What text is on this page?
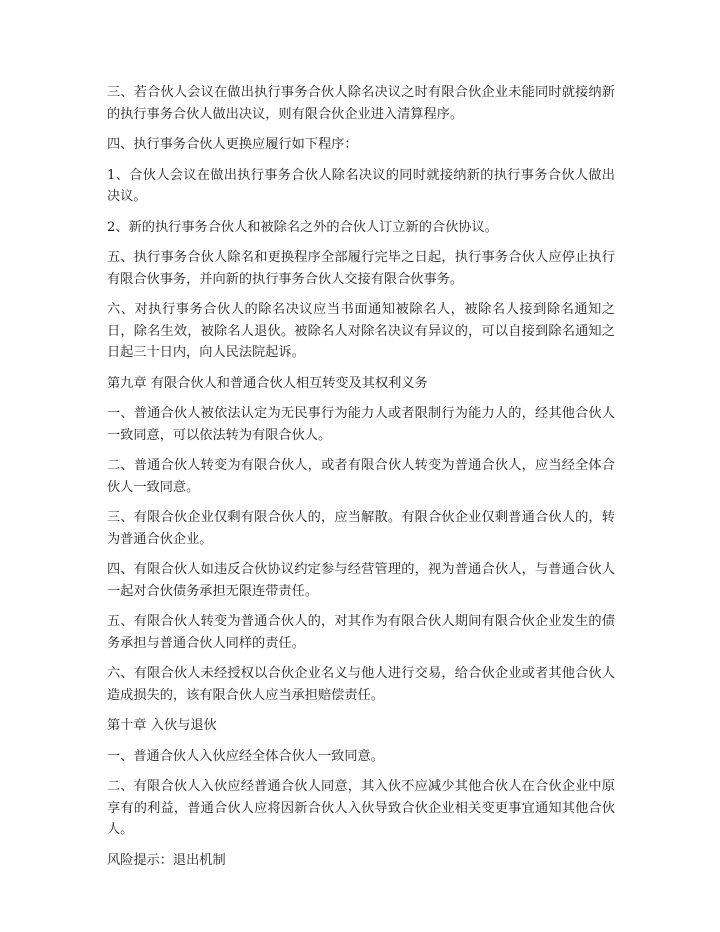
三、若合伙人会议在做出执行事务合伙人除名决议之时有限合伙企业未能同时就接纳新的执行事务合伙人做出决议，则有限合伙企业进入清算程序。

四、执行事务合伙人更换应履行如下程序：

1、合伙人会议在做出执行事务合伙人除名决议的同时就接纳新的执行事务合伙人做出决议。

2、新的执行事务合伙人和被除名之外的合伙人订立新的合伙协议。

五、执行事务合伙人除名和更换程序全部履行完毕之日起，执行事务合伙人应停止执行有限合伙事务，并向新的执行事务合伙人交接有限合伙事务。

六、对执行事务合伙人的除名决议应当书面通知被除名人，被除名人接到除名通知之日，除名生效，被除名人退伙。被除名人对除名决议有异议的，可以自接到除名通知之日起三十日内，向人民法院起诉。

第九章 有限合伙人和普通合伙人相互转变及其权利义务

一、普通合伙人被依法认定为无民事行为能力人或者限制行为能力人的，经其他合伙人一致同意，可以依法转为有限合伙人。

二、普通合伙人转变为有限合伙人，或者有限合伙人转变为普通合伙人，应当经全体合伙人一致同意。

三、有限合伙企业仅剩有限合伙人的，应当解散。有限合伙企业仅剩普通合伙人的，转为普通合伙企业。

四、有限合伙人如违反合伙协议约定参与经营管理的，视为普通合伙人，与普通合伙人一起对合伙债务承担无限连带责任。

五、有限合伙人转变为普通合伙人的，对其作为有限合伙人期间有限合伙企业发生的债务承担与普通合伙人同样的责任。

六、有限合伙人未经授权以合伙企业名义与他人进行交易，给合伙企业或者其他合伙人造成损失的，该有限合伙人应当承担赔偿责任。

第十章 入伙与退伙

一、普通合伙人入伙应经全体合伙人一致同意。

二、有限合伙人入伙应经普通合伙人同意，其入伙不应减少其他合伙人在合伙企业中原享有的利益，普通合伙人应将因新合伙人入伙导致合伙企业相关变更事宜通知其他合伙人。

风险提示：退出机制
